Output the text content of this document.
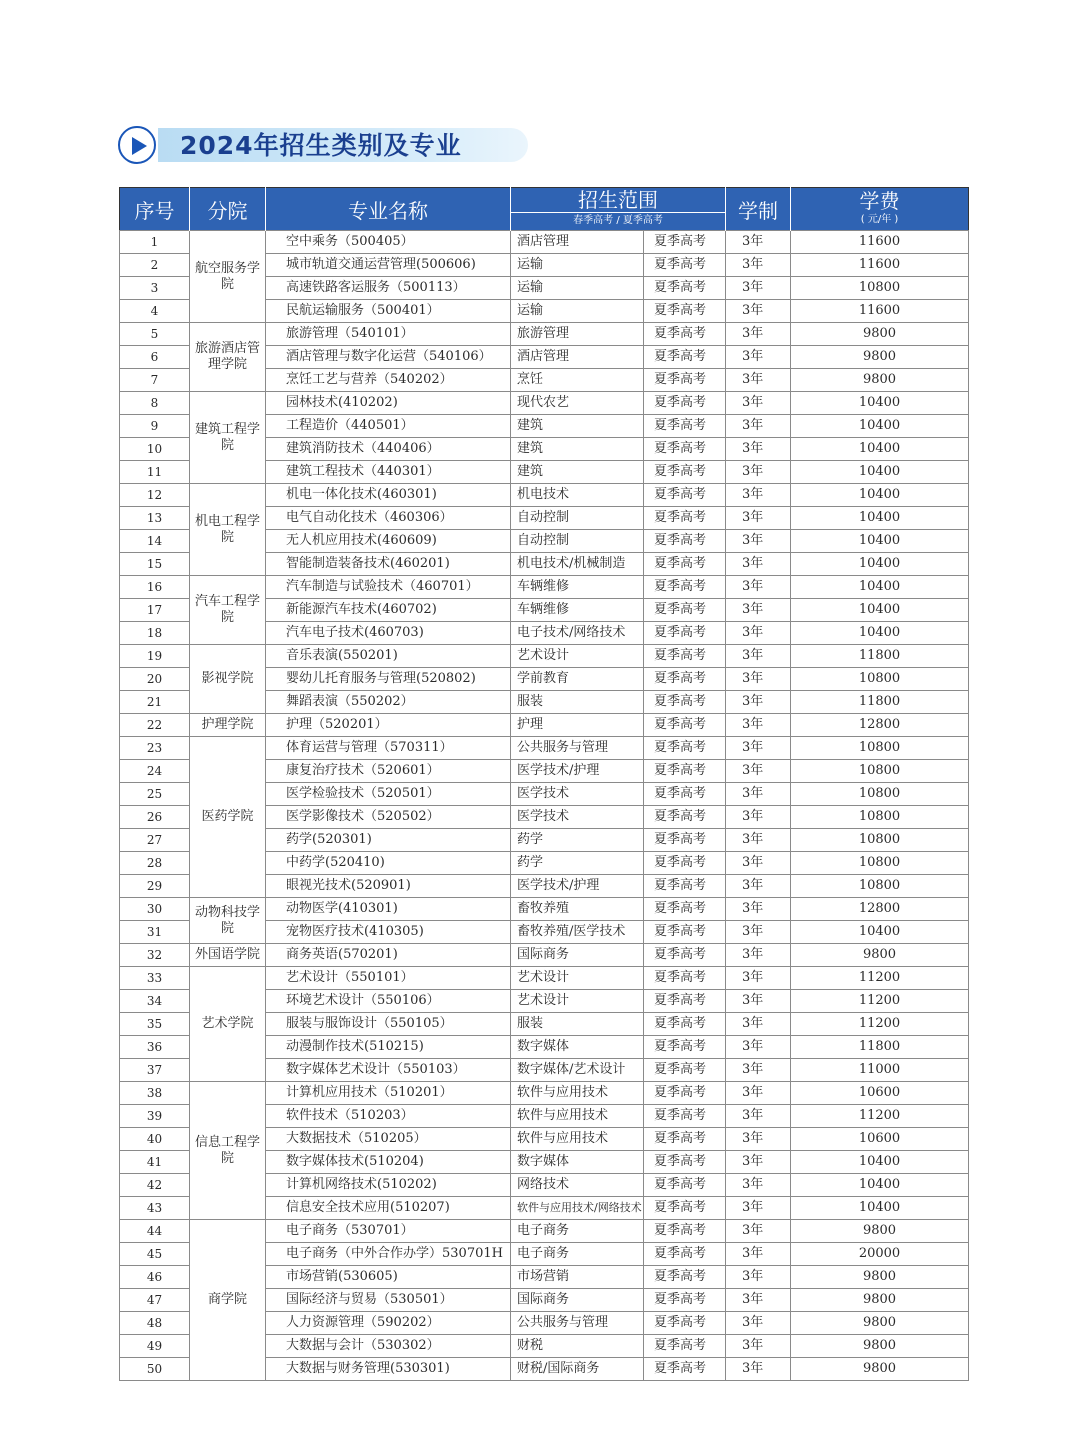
2024年招生类别及专业
序号	分院	专业名称	招生范围
春季高考 / 夏季高考		学制	学费
( 元/年 )

1	航空服务学院	空中乘务（500405）	酒店管理	夏季高考	3年	11600
2		城市轨道交通运营管理(500606)	运输	夏季高考	3年	11600
3		高速铁路客运服务（500113）	运输	夏季高考	3年	10800
4		民航运输服务（500401）	运输	夏季高考	3年	11600
5	旅游酒店管理学院	旅游管理（540101）	旅游管理	夏季高考	3年	9800
6		酒店管理与数字化运营（540106）	酒店管理	夏季高考	3年	9800
7		烹饪工艺与营养（540202）	烹饪	夏季高考	3年	9800
8	建筑工程学院	园林技术(410202)	现代农艺	夏季高考	3年	10400
9		工程造价（440501）	建筑	夏季高考	3年	10400
10		建筑消防技术（440406）	建筑	夏季高考	3年	10400
11		建筑工程技术（440301）	建筑	夏季高考	3年	10400
12	机电工程学院	机电一体化技术(460301)	机电技术	夏季高考	3年	10400
13		电气自动化技术（460306）	自动控制	夏季高考	3年	10400
14		无人机应用技术(460609)	自动控制	夏季高考	3年	10400
15		智能制造装备技术(460201)	机电技术/机械制造	夏季高考	3年	10400
16	汽车工程学院	汽车制造与试验技术（460701）	车辆维修	夏季高考	3年	10400
17		新能源汽车技术(460702)	车辆维修	夏季高考	3年	10400
18		汽车电子技术(460703)	电子技术/网络技术	夏季高考	3年	10400
19	影视学院	音乐表演(550201)	艺术设计	夏季高考	3年	11800
20		婴幼儿托育服务与管理(520802)	学前教育	夏季高考	3年	10800
21		舞蹈表演（550202）	服装	夏季高考	3年	11800
22	护理学院	护理（520201）	护理	夏季高考	3年	12800
23	医药学院	体育运营与管理（570311）	公共服务与管理	夏季高考	3年	10800
24		康复治疗技术（520601）	医学技术/护理	夏季高考	3年	10800
25		医学检验技术（520501）	医学技术	夏季高考	3年	10800
26		医学影像技术（520502）	医学技术	夏季高考	3年	10800
27		药学(520301)	药学	夏季高考	3年	10800
28		中药学(520410)	药学	夏季高考	3年	10800
29		眼视光技术(520901)	医学技术/护理	夏季高考	3年	10800
30	动物科技学院	动物医学(410301)	畜牧养殖	夏季高考	3年	12800
31		宠物医疗技术(410305)	畜牧养殖/医学技术	夏季高考	3年	10400
32	外国语学院	商务英语(570201)	国际商务	夏季高考	3年	9800
33	艺术学院	艺术设计（550101）	艺术设计	夏季高考	3年	11200
34		环境艺术设计（550106）	艺术设计	夏季高考	3年	11200
35		服装与服饰设计（550105）	服装	夏季高考	3年	11200
36		动漫制作技术(510215)	数字媒体	夏季高考	3年	11800
37		数字媒体艺术设计（550103）	数字媒体/艺术设计	夏季高考	3年	11000
38	信息工程学院	计算机应用技术（510201）	软件与应用技术	夏季高考	3年	10600
39		软件技术（510203）	软件与应用技术	夏季高考	3年	11200
40		大数据技术（510205）	软件与应用技术	夏季高考	3年	10600
41		数字媒体技术(510204)	数字媒体	夏季高考	3年	10400
42		计算机网络技术(510202)	网络技术	夏季高考	3年	10400
43		信息安全技术应用(510207)	软件与应用技术/网络技术	夏季高考	3年	10400
44	商学院	电子商务（530701）	电子商务	夏季高考	3年	9800
45		电子商务（中外合作办学）530701H	电子商务	夏季高考	3年	20000
46		市场营销(530605)	市场营销	夏季高考	3年	9800
47		国际经济与贸易（530501）	国际商务	夏季高考	3年	9800
48		人力资源管理（590202）	公共服务与管理	夏季高考	3年	9800
49		大数据与会计（530302）	财税	夏季高考	3年	9800
50		大数据与财务管理(530301)	财税/国际商务	夏季高考	3年	9800
